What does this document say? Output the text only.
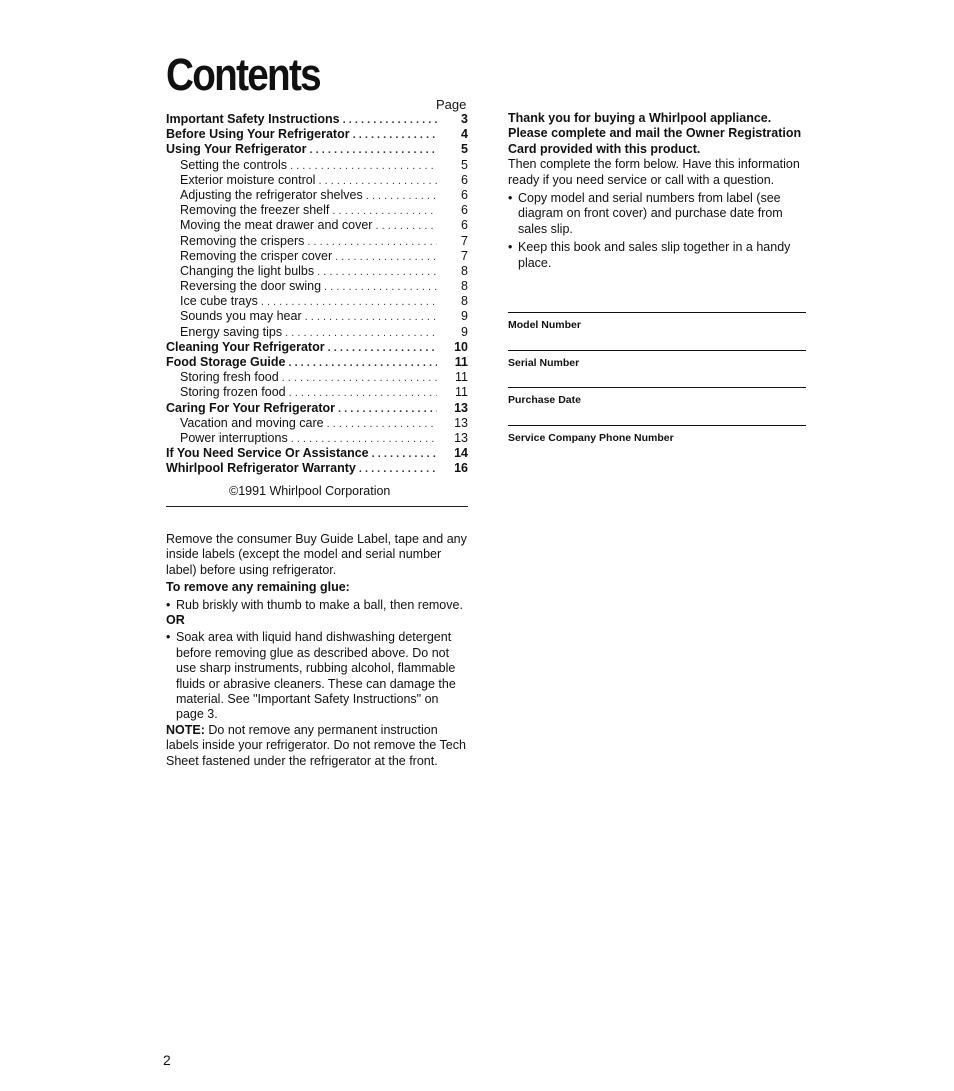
Contents
Page
Important Safety Instructions . . .	3
Before Using Your Refrigerator . . .	4
Using Your Refrigerator . . .	5
Setting the controls . . .	5
Exterior moisture control . . .	6
Adjusting the refrigerator shelves . . .	6
Removing the freezer shelf . . .	6
Moving the meat drawer and cover . . .	6
Removing the crispers . . .	7
Removing the crisper cover . . .	7
Changing the light bulbs . . .	8
Reversing the door swing . . .	8
Ice cube trays . . .	8
Sounds you may hear . . .	9
Energy saving tips . . .	9
Cleaning Your Refrigerator . . .	10
Food Storage Guide . . .	11
Storing fresh food . . .	11
Storing frozen food . . .	11
Caring For Your Refrigerator . . .	13
Vacation and moving care . . .	13
Power interruptions . . .	13
If You Need Service Or Assistance . . .	14
Whirlpool Refrigerator Warranty . . .	16
©1991 Whirlpool Corporation

Remove the consumer Buy Guide Label, tape and any inside labels (except the model and serial number label) before using refrigerator.

To remove any remaining glue:

• Rub briskly with thumb to make a ball, then remove.

OR

• Soak area with liquid hand dishwashing detergent before removing glue as described above. Do not use sharp instruments, rubbing alcohol, flammable fluids or abrasive cleaners. These can damage the material. See "Important Safety Instructions" on page 3.

NOTE: Do not remove any permanent instruction labels inside your refrigerator. Do not remove the Tech Sheet fastened under the refrigerator at the front.

Thank you for buying a Whirlpool appliance. Please complete and mail the Owner Registration Card provided with this product.

Then complete the form below. Have this information ready if you need service or call with a question.

• Copy model and serial numbers from label (see diagram on front cover) and purchase date from sales slip.
• Keep this book and sales slip together in a handy place.
Model Number
Serial Number
Purchase Date
Service Company Phone Number
2
